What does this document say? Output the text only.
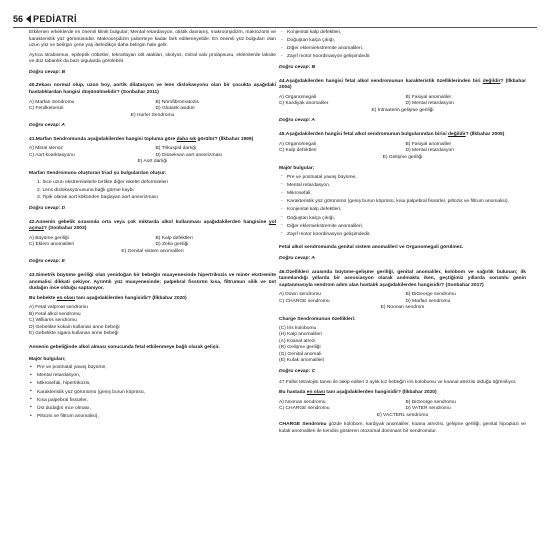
56 PEDİATRİ

Etkilenen erkeklerde en önemli klinik bulgular; Mental retardasyon, otistik davranış, makroorşidizm, makrozomi ve karakteristik yüz görünüsüdür. Makroorşidizm puberteye kadar fark edilemeyebilir. En önemli yüz bulguları olan uzun yüz ve belirgin çene yaş ilerledikçe daha belirgin hale gelir.

Ayrıca strabismus, epileptik nöbetler, tekrarlayan otit atakları, skolyoz, mitral valv prolapsusu, eklemlerde laksite ve düz tabanlık da bazı olgularda görülebilir.

Doğru cevap: B
40.Zekası normal olup, uzun boy, aortik dilatasyon ve lens dislokasyonu olan bir çocukta aşağıdaki hastalıklardan hangisi düşünülmelidir? (Sonbahar 2011)
A) Marfan Sendromu	B) Nörofibromatozis
C) Fenilketonüri	D) Glutarik asidüri
E) Hurler Sendromu
Doğru cevap: A
41.Marfan Sendromunda aşağıdakilerden hangisi topluma göre daha sık görülür? (İlkbahar 1999)
A) Mitral stenoz	B) Trikuspid darlığı
C) Aort koarktasyonu	D) Disseksan aort anevrizması
E) Aort darlığı
Marfan Sendromunu oluşturan triad şu bulgulardan oluşur:
1. İnce uzun ekstremitelerle birlikte diğer iskelet deformiteleri
2. Lens dislokasyonununa bağlı görme kaybı
3. Tipik olarak aort kökünden başlayan aort anevrizması
Doğru cevap: D
42.Annenin gebelik sırasında orta veya çok miktarda alkol kullanması aşağıdakilerden hangisine yol açmaz? (Sonbahar 2003)
A) Büyüme geriliği	B) Kalp defektleri
C) Eklem anomalileri	D) Zeka geriliği
E) Genital sistem anomalileri
Doğru cevap: E
43.Simetrik büyüme geriliği olan yenidoğan bir bebeğin muayenesinde hipertrikozis ve minör ekstremite anomalisi dikkati çekiyor. Ayrıntılı yüz muayenesinde; palpebral fissürün kısa, filtrumun silik ve üst dudağın ince olduğu saptanıyor.
Bu bebekte en olası tanı aşağıdakilerden hangisidir? (İlkbahar 2020)
A) Fetal valproat sendromu
B) Fetal alkol sendromu
C) Williams sendromu
D) Gebelikte kokain kullanan anne bebeği
E) Gebelikte sigara kullanan anne bebeği
Annenin gebeliğinde alkol alması sonucunda fetal etkilenmeye bağlı olarak gelişir.
Majör bulguları;
• Pre ve postnatal yavaş büyüme,
• Mental retardasyon,
• Mikrosefali, hipertrikozis,
• Karakteristik yüz görünümü (geniş burun köprüsü,
• Kısa palpebral fissürler,
• Üst dudağın ince olması,
• Piltozis ve filtrum anomalisi),
- Konjenital kalp defektleri,
- Doğuştan kalça çıkığı,
- Diğer eklemiekstremite anomalileri,
- Zayıf motor koordinasyon gelişimdedir.
Doğru cevap: B
44.Aşağıdakilerden hangisi fetal alkol sendromunun karakteristik özelliklerinden biri değildir? (İlkbahar 2004)
A) Organomegali	B) Fasiyal anomaliler
C) Kardiyak anomaliler	D) Mental retardasyon
E) İntrauterin gelişme geriliği
Doğru cevap: A
45.Aşağıdakilerden hangisi fetal alkol sendromunun bulgularından birisi değildir? (İlkbahar 2005)
A) Organomegali	B) Fasiyal anomaliler
C) Kalp defektleri	D) Mental retardasyon
E) Gelişme geriliği
Majör bulgular;
- Pre ve postnatal yavaş büyüme,
- Mental retardasyon,
- Mikrosefali,
- Karakteristik yüz görünümü (geniş burun köprüsü, kısa palpebral fissürler, piltozis ve filtrum anomalisi),
- Konjenital kalp defektleri,
- Doğuştan kalça çıkığı,
- Diğer eklemiekstremite anomalileri,
- Zayıf motor koordinasyon gelişimdedir.
Fetal alkol sendromunda genital sistem anomalileri ve Organomegali görülmez.
Doğru cevap: A
46.Özellikleri arasında büyüme-gelişme geriliği, genital anomaliler, kolobom ve sağırlık bulunan; ilk tanımlandığı yıllarda bir assosiasyon olarak anılmakta iken, geçtiğimiz yıllarda sorumlu genin saptanmasıyla sendrom adını alan hastalık aşağıdakilerden hangisidir? (Sonbahar 2017)
A) Down sendromu	B) DiGeorge sendromu
C) CHARGE sendromu	D) Marfan sendromu
E) Noonan sendrom
Charge Sendromunun özellikleri:
(C) İris kolobomu
(H) Kalp anomalileri
(A) Koanal atrezi
(R) Gelişme geriliği
(G) Genital anomali
(E) Kulak anomalileri
Doğru cevap: C

47.Fallot tetralojisi tanısı ile takip edilen 2 aylık kız bebeğin iris kolobomu ve koanal atrezisi olduğu öğreniliyor.

Bu hastada en olası tanı aşağıdakilerden hangisidir? (İlkbahar 2020)
A) Noonan sendromu	B) DiGeorge sendromu
C) CHARGE sendromu	D) VATER sendromu
E) VACTERL sendromu

CHARGE Sendromu gözde kolobom, kardiyak anomaliler, koana atrezisi, gelişme geriliği, genital hipoplazi ve kulak anomalileri ile kendini gösteren otozomal dominant bir sendromdur.
